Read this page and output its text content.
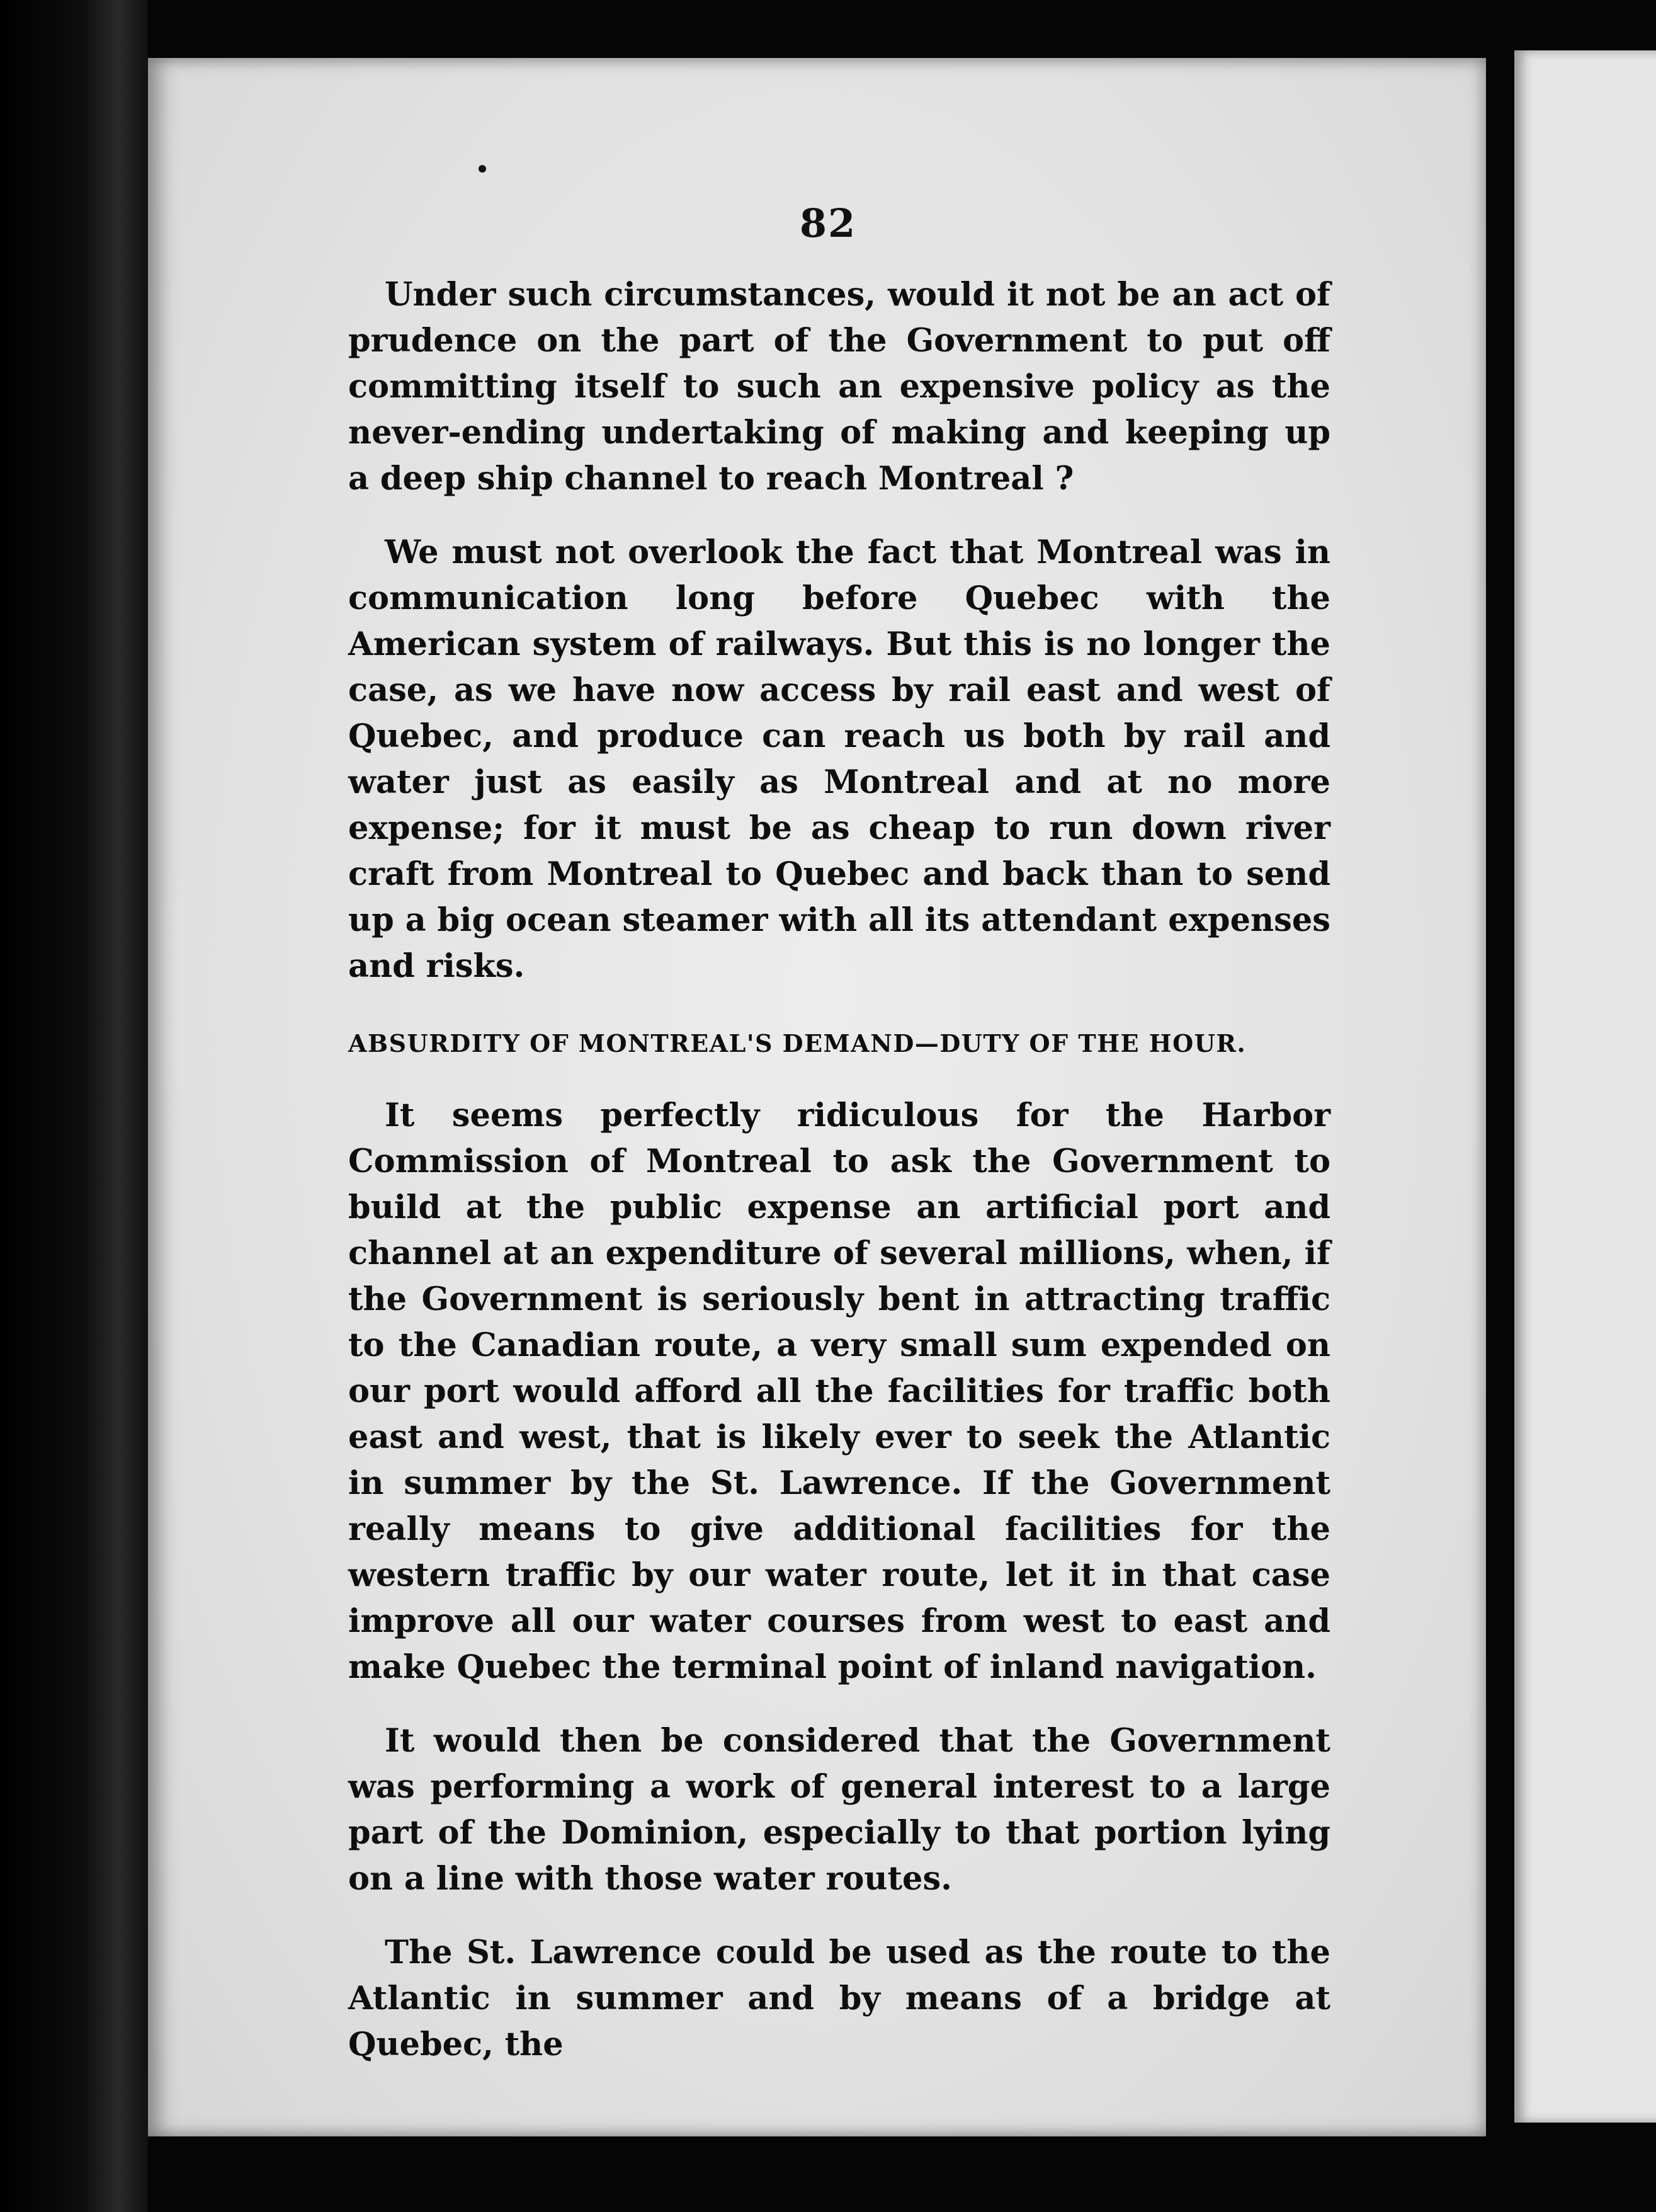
82

Under such circumstances, would it not be an act of prudence on the part of the Government to put off committing itself to such an expensive policy as the never-ending undertaking of making and keeping up a deep ship channel to reach Montreal ?

We must not overlook the fact that Montreal was in communication long before Quebec with the American system of railways. But this is no longer the case, as we have now access by rail east and west of Quebec, and produce can reach us both by rail and water just as easily as Montreal and at no more expense; for it must be as cheap to run down river craft from Montreal to Quebec and back than to send up a big ocean steamer with all its attendant expenses and risks.

ABSURDITY OF MONTREAL'S DEMAND—DUTY OF THE HOUR.

It seems perfectly ridiculous for the Harbor Commission of Montreal to ask the Government to build at the public expense an artificial port and channel at an expenditure of several millions, when, if the Government is seriously bent in attracting traffic to the Canadian route, a very small sum expended on our port would afford all the facilities for traffic both east and west, that is likely ever to seek the Atlantic in summer by the St. Lawrence. If the Government really means to give additional facilities for the western traffic by our water route, let it in that case improve all our water courses from west to east and make Quebec the terminal point of inland navigation.

It would then be considered that the Government was performing a work of general interest to a large part of the Dominion, especially to that portion lying on a line with those water routes.

The St. Lawrence could be used as the route to the Atlantic in summer and by means of a bridge at Quebec, the
